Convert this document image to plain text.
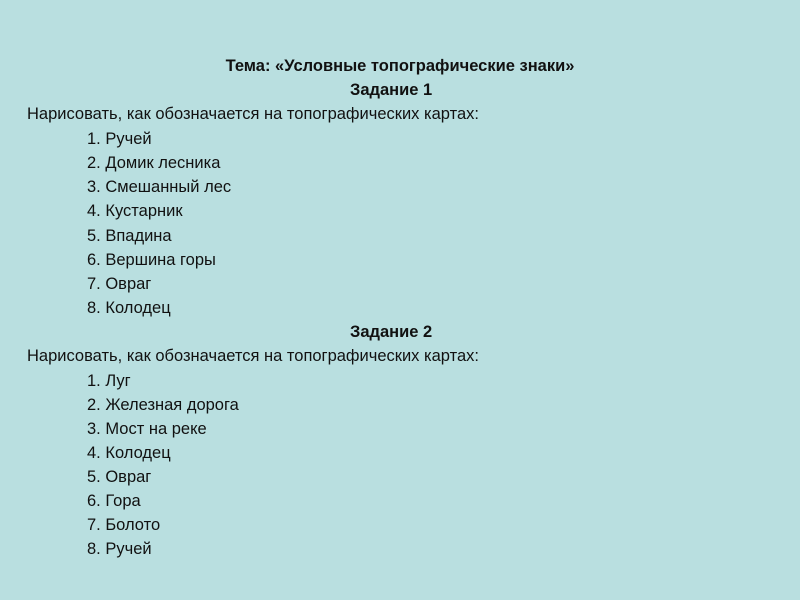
Тема: «Условные топографические знаки»
Задание 1
Нарисовать, как обозначается на топографических картах:
1. Ручей
2. Домик лесника
3. Смешанный лес
4. Кустарник
5. Впадина
6. Вершина горы
7. Овраг
8. Колодец
Задание 2
Нарисовать, как обозначается на топографических картах:
1. Луг
2. Железная дорога
3. Мост на реке
4. Колодец
5. Овраг
6. Гора
7. Болото
8. Ручей
